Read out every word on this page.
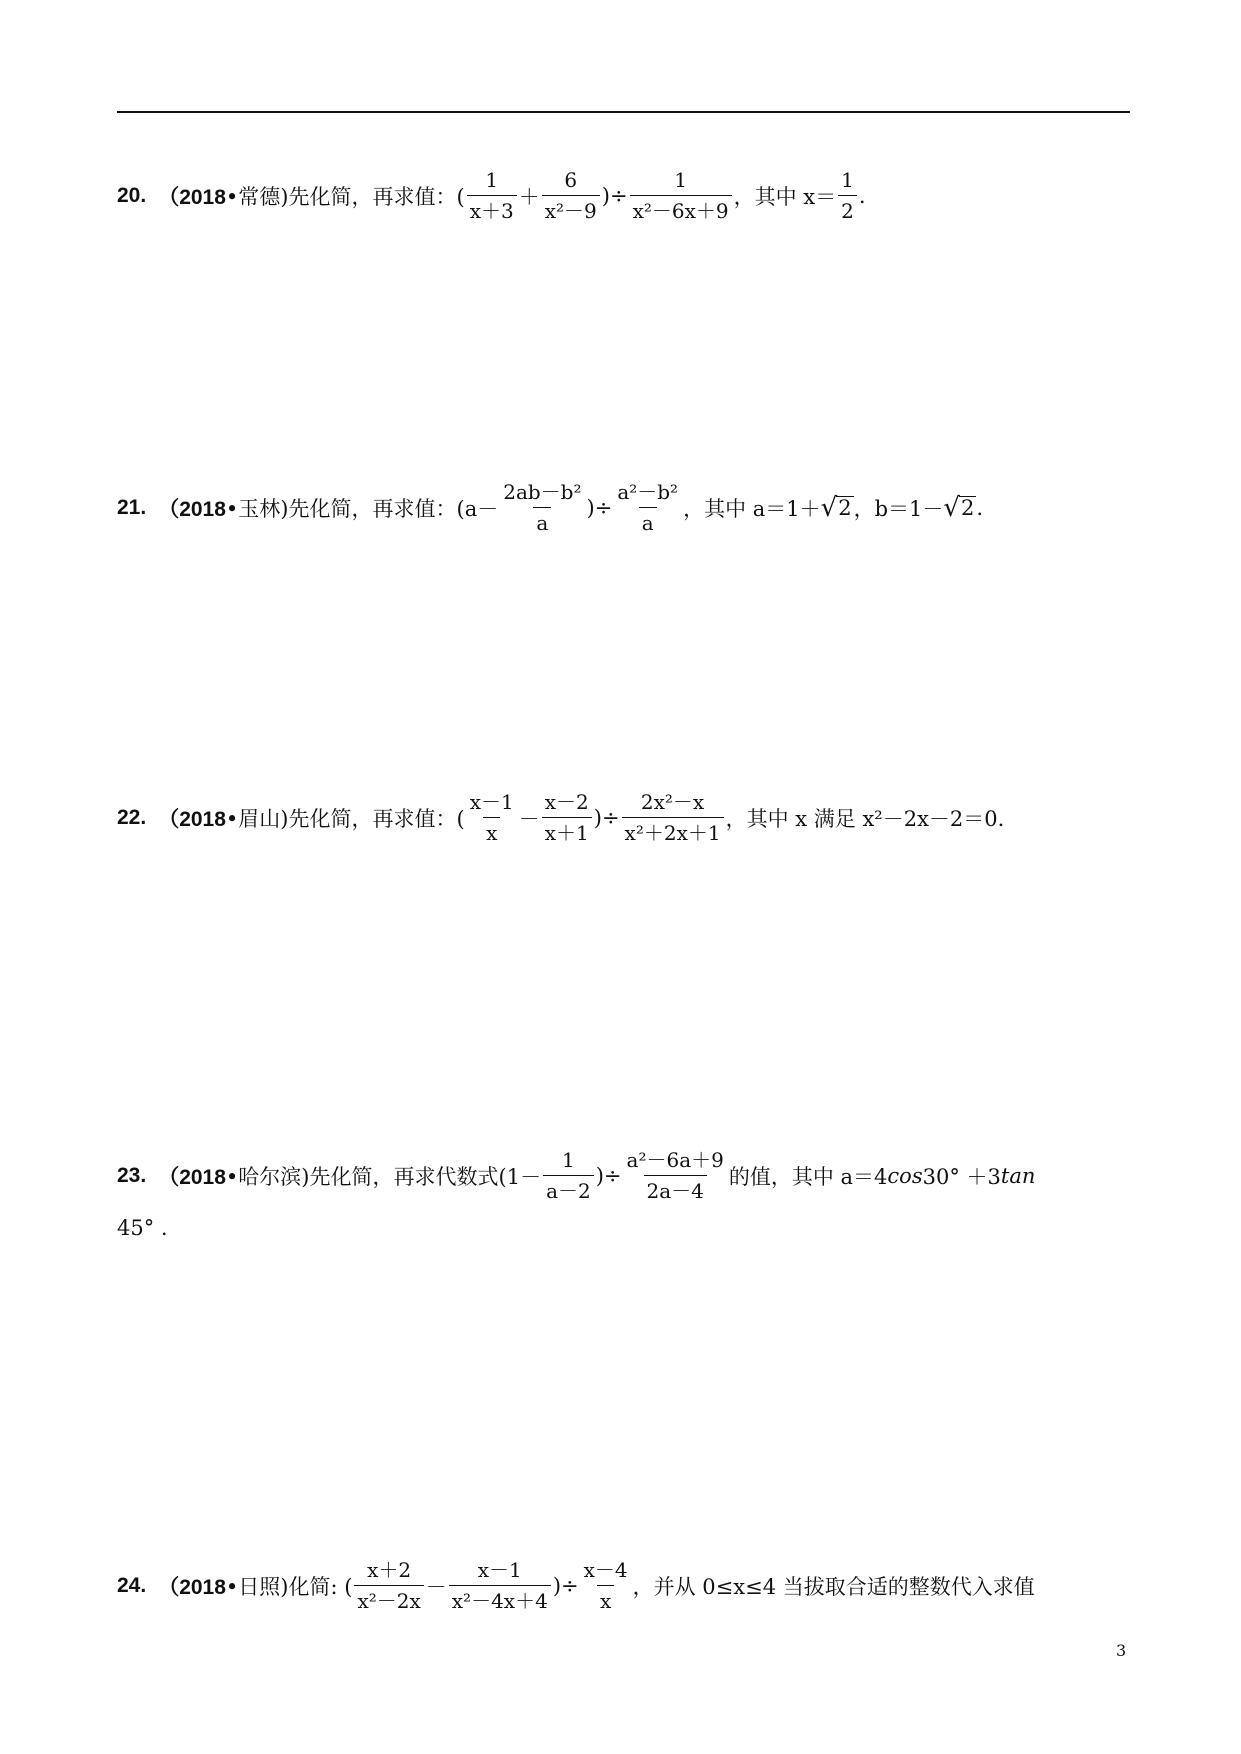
20. （2018 •常德) 先化简，再求值：( $\frac{1}{x+3} + \frac{6}{\text{x²－9}}$ )÷ $\frac{1}{\text{x²－6x＋9}}$ ，其中 $x= \frac{1}{2}$ .
21. （2018 •玉林) 先化简，再求值：($a- \frac{\text{2ab－b²}}{a}$ )÷ $\frac{\text{a²－b²}}{a}$ ，其中 a＝1＋ √ 2 ，b＝1－ √ 2 .
22. （2018 •眉山) 先化简，再求值：( $\frac{x-1}{x} - \frac{x-2}{x+1}$ )÷ $\frac{\text{2x²－x}}{\text{x²＋2x＋1}}$ ，其中 x 满足 x²－2x－2＝0.
23. （2018 •哈尔滨) 先化简，再求代数式($1- \frac{1}{a-2}$ )÷ $\frac{\text{a²－6a＋9}}{2a-4}$ 的值，其中 a＝4 cos 30° ＋3 tan
45° .
24. （2018 •日照) 化简: ( $\frac{x+2}{\text{x²－2x}} - \frac{x-1}{\text{x²－4x＋4}}$ )÷ $\frac{x-4}{x}$ ，并从 0≤x≤4 当拔取合适的整数代入求值
3
